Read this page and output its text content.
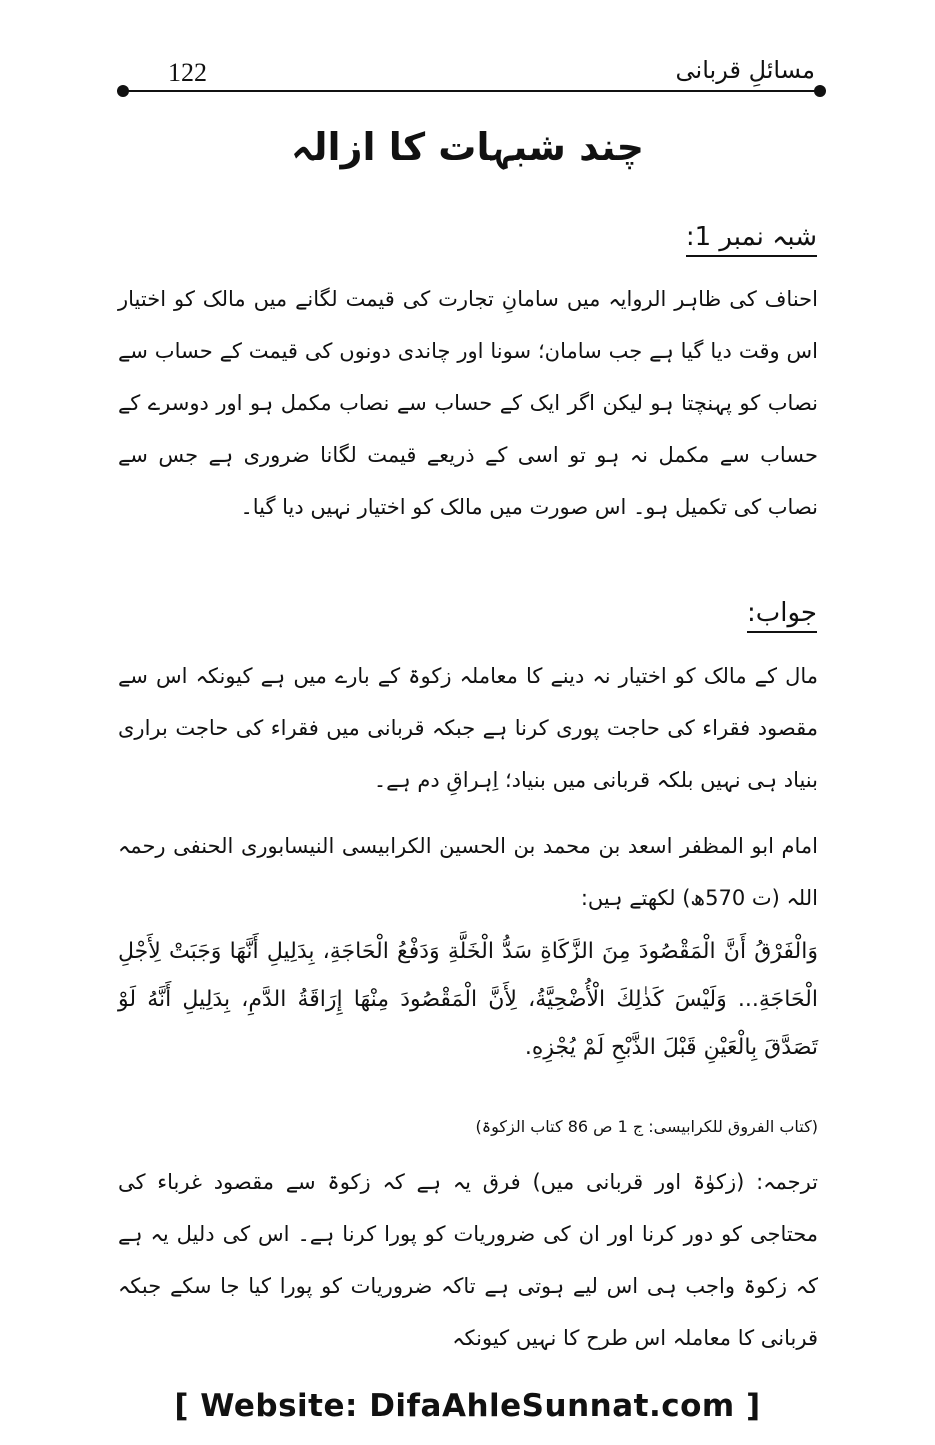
122	مسائلِ قربانی
چند شبہات کا ازالہ
شبہ نمبر 1:
احناف کی ظاہر الروایہ میں سامانِ تجارت کی قیمت لگانے میں مالک کو اختیار اس وقت دیا گیا ہے جب سامان؛ سونا اور چاندی دونوں کی قیمت کے حساب سے نصاب کو پہنچتا ہو لیکن اگر ایک کے حساب سے نصاب مکمل ہو اور دوسرے کے حساب سے مکمل نہ ہو تو اسی کے ذریعے قیمت لگانا ضروری ہے جس سے نصاب کی تکمیل ہو۔ اس صورت میں مالک کو اختیار نہیں دیا گیا۔
جواب:
مال کے مالک کو اختیار نہ دینے کا معاملہ زکوۃ کے بارے میں ہے کیونکہ اس سے مقصود فقراء کی حاجت پوری کرنا ہے جبکہ قربانی میں فقراء کی حاجت براری بنیاد ہی نہیں بلکہ قربانی میں بنیاد؛ اِہراقِ دم ہے۔
امام ابو المظفر اسعد بن محمد بن الحسین الکرابیسی النیسابوری الحنفی رحمہ اللہ (ت 570ھ) لکھتے ہیں:
وَالْفَرْقُ أَنَّ الْمَقْصُودَ مِنَ الزَّكَاةِ سَدُّ الْخَلَّةِ وَدَفْعُ الْحَاجَةِ، بِدَلِيلِ أَنَّهَا وَجَبَتْ لِأَجْلِ الْحَاجَةِ... وَلَيْسَ كَذٰلِكَ الْأُضْحِيَّةُ، لِأَنَّ الْمَقْصُودَ مِنْهَا إِرَاقَةُ الدَّمِ، بِدَلِيلِ أَنَّهُ لَوْ تَصَدَّقَ بِالْعَيْنِ قَبْلَ الذَّبْحِ لَمْ يُجْزِهِ.
(کتاب الفروق للکرابیسی: ج 1 ص 86 کتاب الزکوۃ)
ترجمہ: (زکوٰۃ اور قربانی میں) فرق یہ ہے کہ زکوۃ سے مقصود غرباء کی محتاجی کو دور کرنا اور ان کی ضروریات کو پورا کرنا ہے۔ اس کی دلیل یہ ہے کہ زکوۃ واجب ہی اس لیے ہوتی ہے تاکہ ضروریات کو پورا کیا جا سکے جبکہ قربانی کا معاملہ اس طرح کا نہیں کیونکہ
[ Website: DifaAhleSunnat.com ]
